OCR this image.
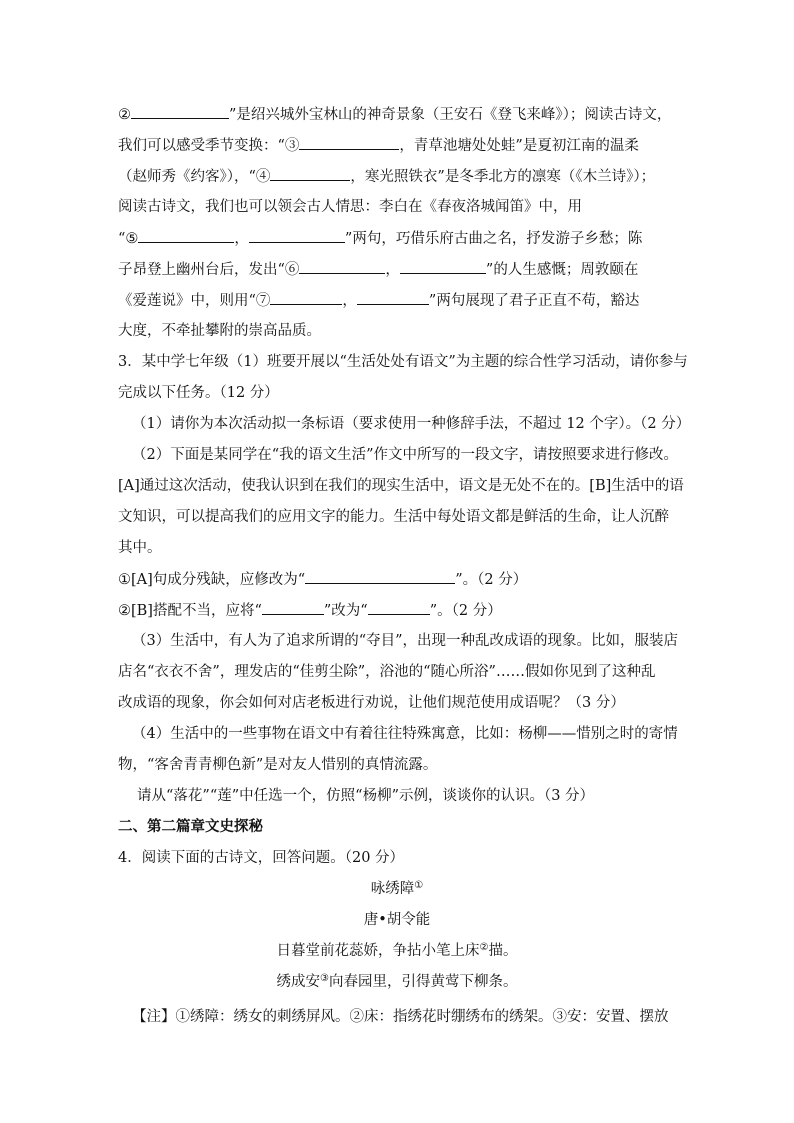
②	”是绍兴城外宝林山的神奇景象（王安石《登飞来峰》）；阅读古诗文，
我们可以感受季节变换：“③	，青草池塘处处蛙”是夏初江南的温柔
（赵师秀《约客》），“④	，寒光照铁衣”是冬季北方的凛寒（《木兰诗》）；
阅读古诗文，我们也可以领会古人情思：李白在《春夜洛城闻笛》中，用
“⑤	，	”两句，巧借乐府古曲之名，抒发游子乡愁；陈
子昂登上幽州台后，发出“⑥	，	”的人生感慨；周敦颐在
《爱莲说》中，则用“⑦	，	”两句展现了君子正直不苟，豁达
大度，不牵扯攀附的崇高品质。
3．某中学七年级（1）班要开展以“生活处处有语文”为主题的综合性学习活动，请你参与
完成以下任务。（12 分）
（1）请你为本次活动拟一条标语（要求使用一种修辞手法，不超过 12 个字）。（2 分）
（2）下面是某同学在“我的语文生活”作文中所写的一段文字，请按照要求进行修改。
[A]通过这次活动，使我认识到在我们的现实生活中，语文是无处不在的。[B]生活中的语
文知识，可以提高我们的应用文字的能力。生活中每处语文都是鲜活的生命，让人沉醉
其中。
①[A]句成分残缺，应修改为“	”。（2 分）
②[B]搭配不当，应将“	”改为“	”。（2 分）
（3）生活中，有人为了追求所谓的“夺目”，出现一种乱改成语的现象。比如，服装店
店名“衣衣不舍”，理发店的“佳剪尘除”，浴池的“随心所浴”……假如你见到了这种乱
改成语的现象，你会如何对店老板进行劝说，让他们规范使用成语呢？（3 分）
（4）生活中的一些事物在语文中有着往往特殊寓意，比如：杨柳——惜别之时的寄情
物，“客舍青青柳色新”是对友人惜别的真情流露。
请从“落花”“莲”中任选一个，仿照“杨柳”示例，谈谈你的认识。（3 分）
二、第二篇章文史探秘
4．阅读下面的古诗文，回答问题。（20 分）
咏绣障①
唐•胡令能
日暮堂前花蕊娇，争拈小笔上床②描。
绣成安③向春园里，引得黄莺下柳条。
【注】①绣障：绣女的刺绣屏风。②床：指绣花时绷绣布的绣架。③安：安置、摆放
